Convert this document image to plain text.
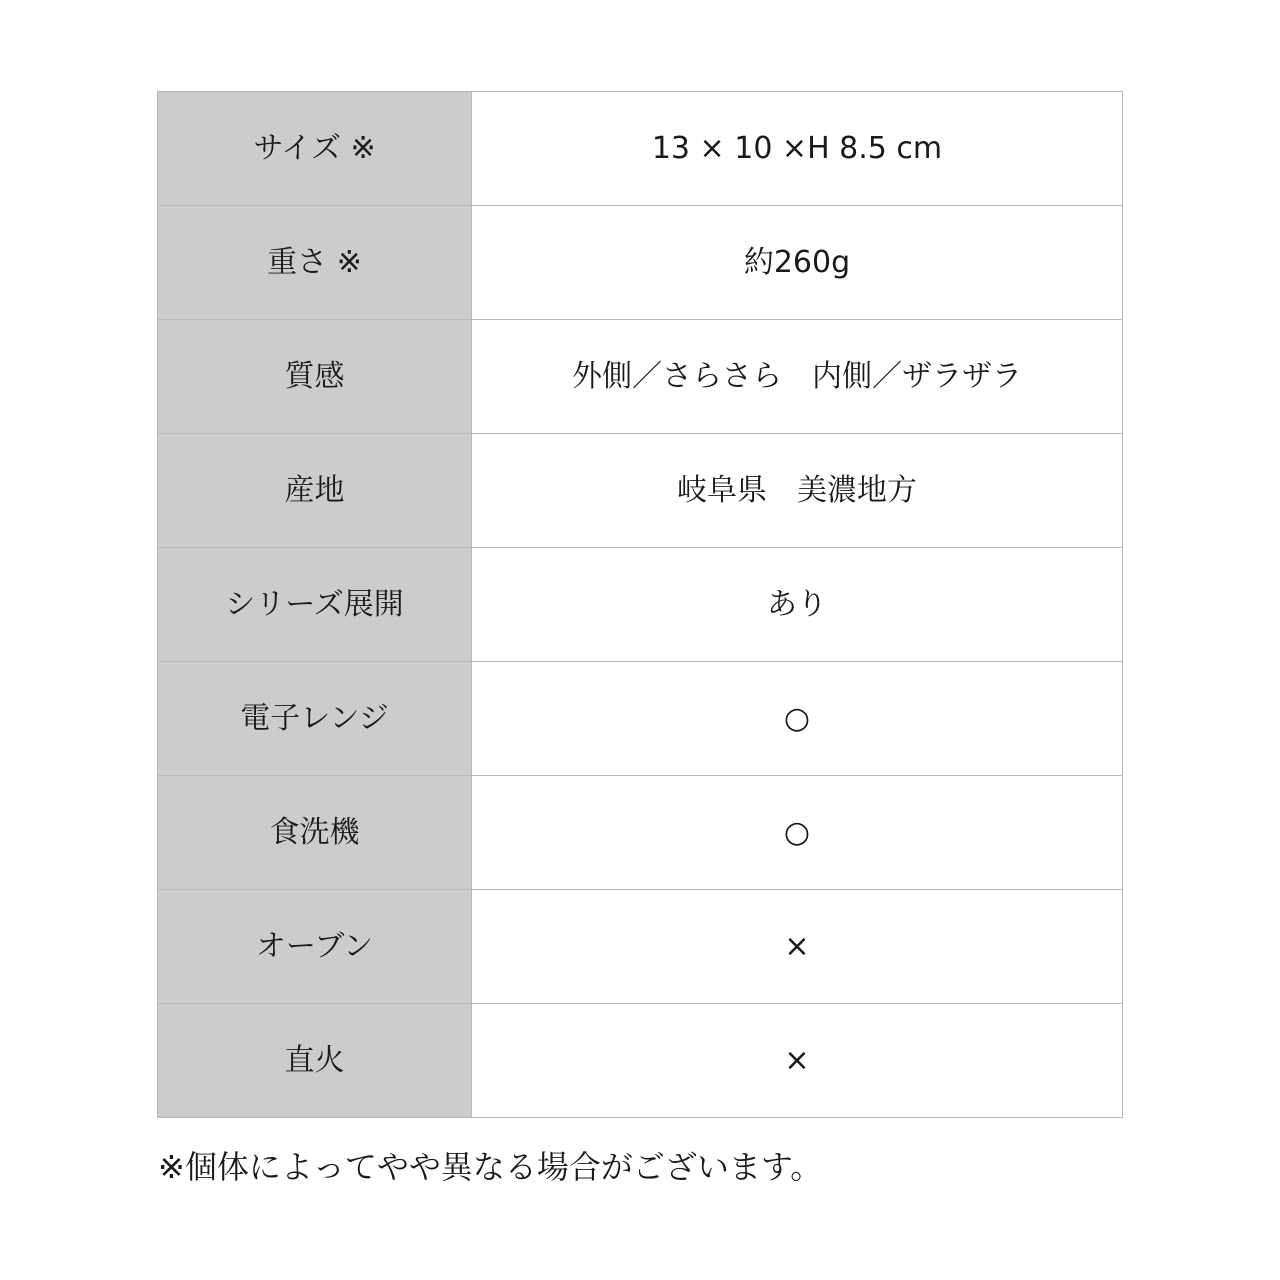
サイズ ※	13 × 10 ×H 8.5 cm
重さ ※	約260g
質感	外側／さらさら　内側／ザラザラ
産地	岐阜県　美濃地方
シリーズ展開	あり
電子レンジ	○
食洗機	○
オーブン	×
直火	×
※個体によってやや異なる場合がございます。
